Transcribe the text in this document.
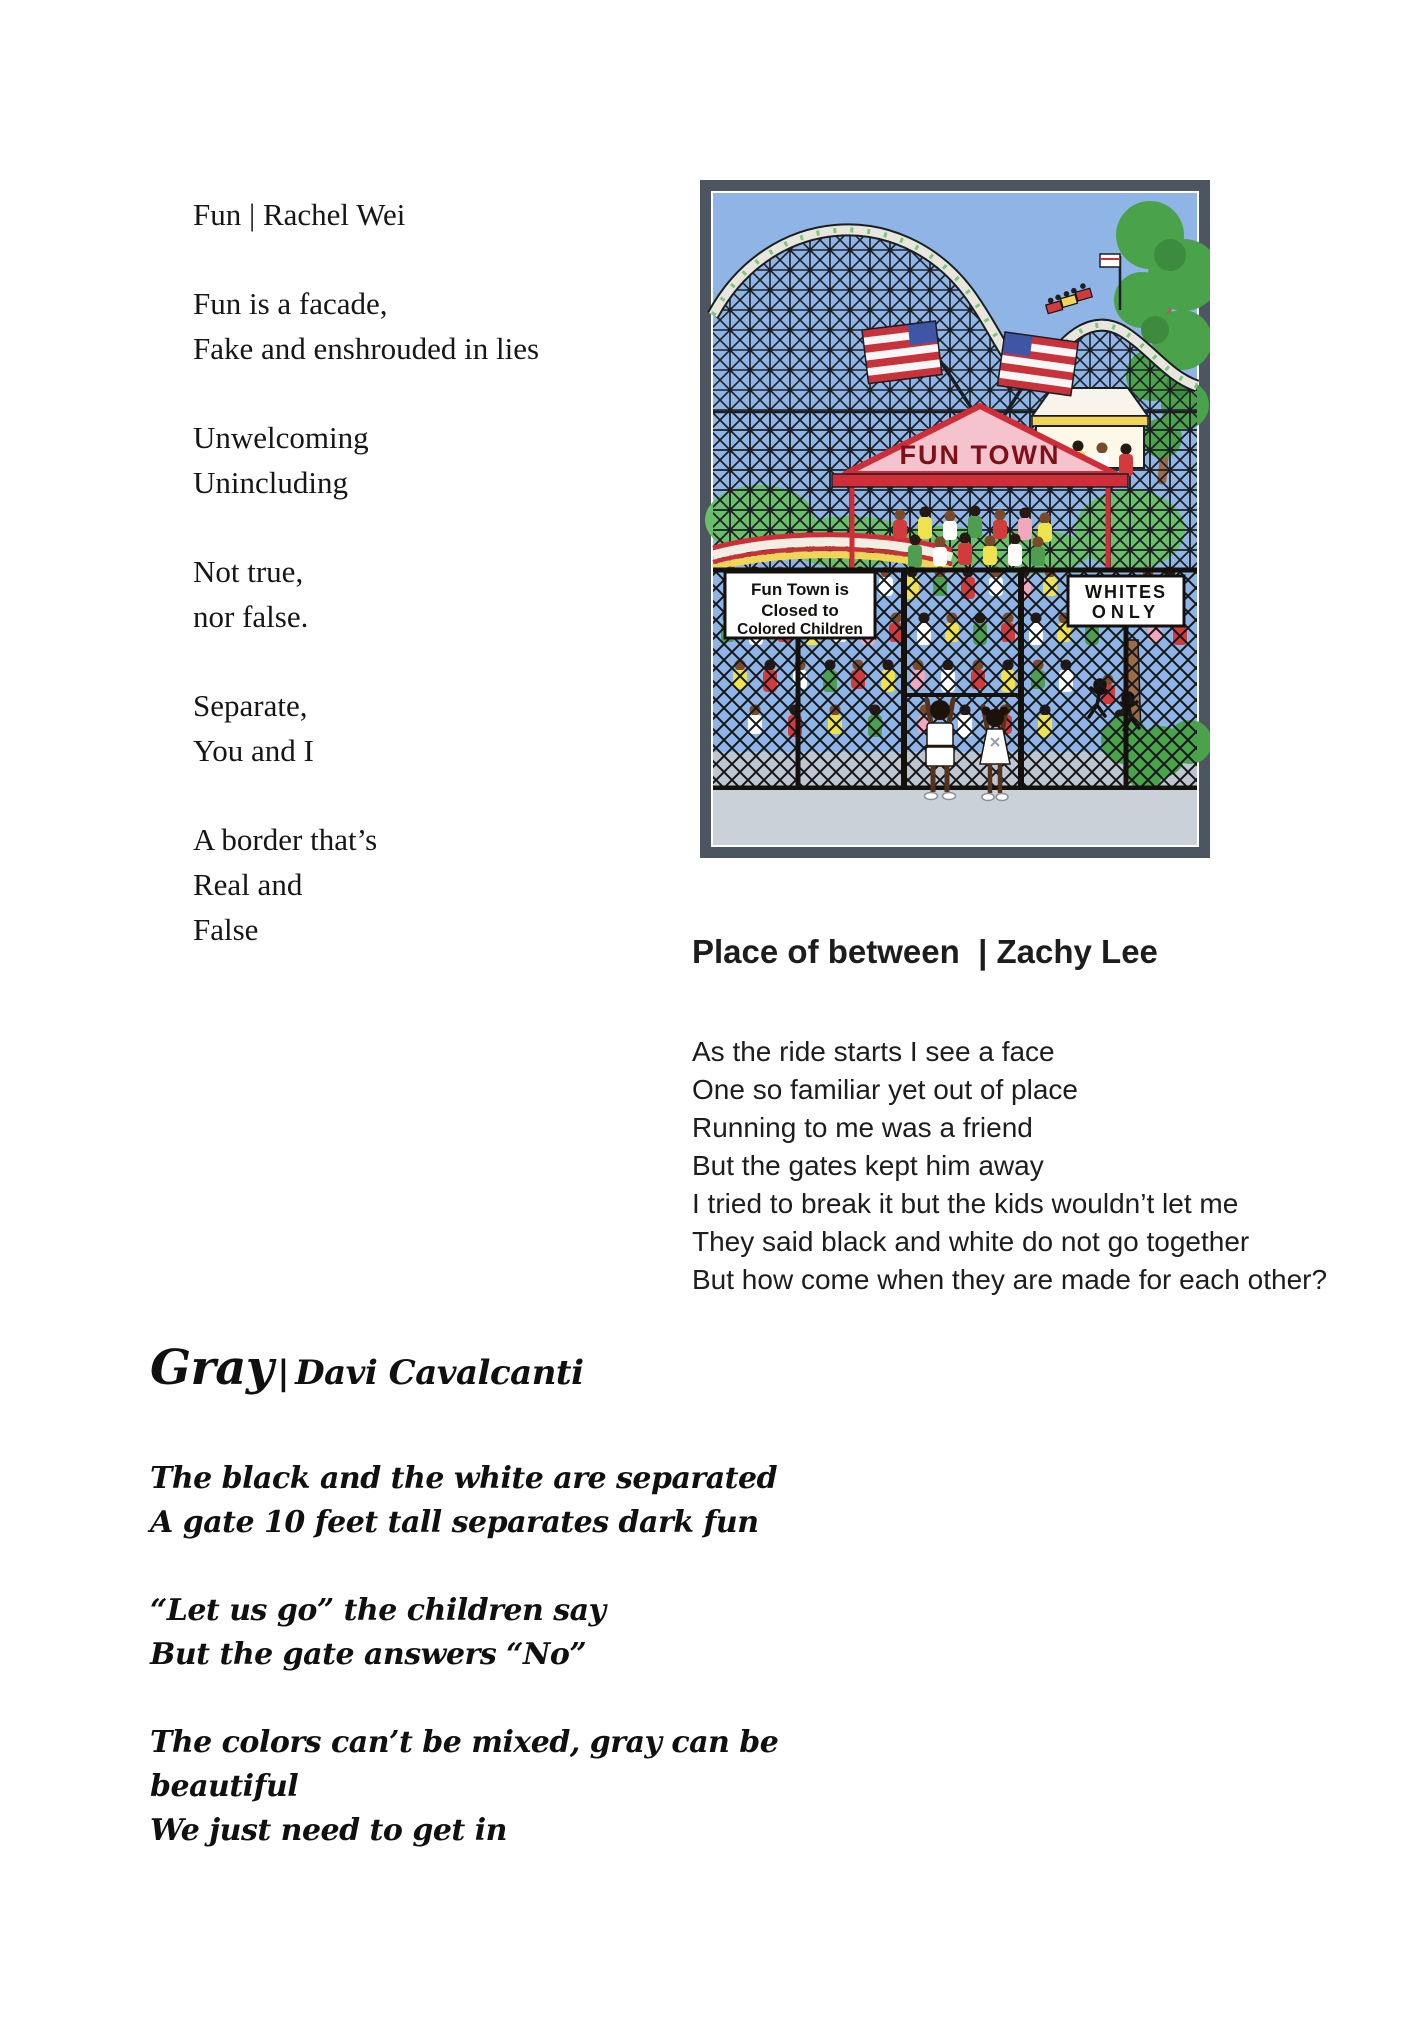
Fun | Rachel Wei

Fun is a facade,

Fake and enshrouded in lies

Unwelcoming

Unincluding

Not true,

nor false.

Separate,

You and I

A border that’s

Real and

False

FUN TOWN
Fun Town is
Closed to
Colored Children
WHITES
ONLY
Place of between  | Zachy Lee

As the ride starts I see a face

One so familiar yet out of place

Running to me was a friend

But the gates kept him away

I tried to break it but the kids wouldn’t let me

They said black and white do not go together

But how come when they are made for each other?

Gray | Davi Cavalcanti

The black and the white are separated

A gate 10 feet tall separates dark fun

“Let us go” the children say

But the gate answers “No”

The colors can’t be mixed, gray can be beautiful

We just need to get in
